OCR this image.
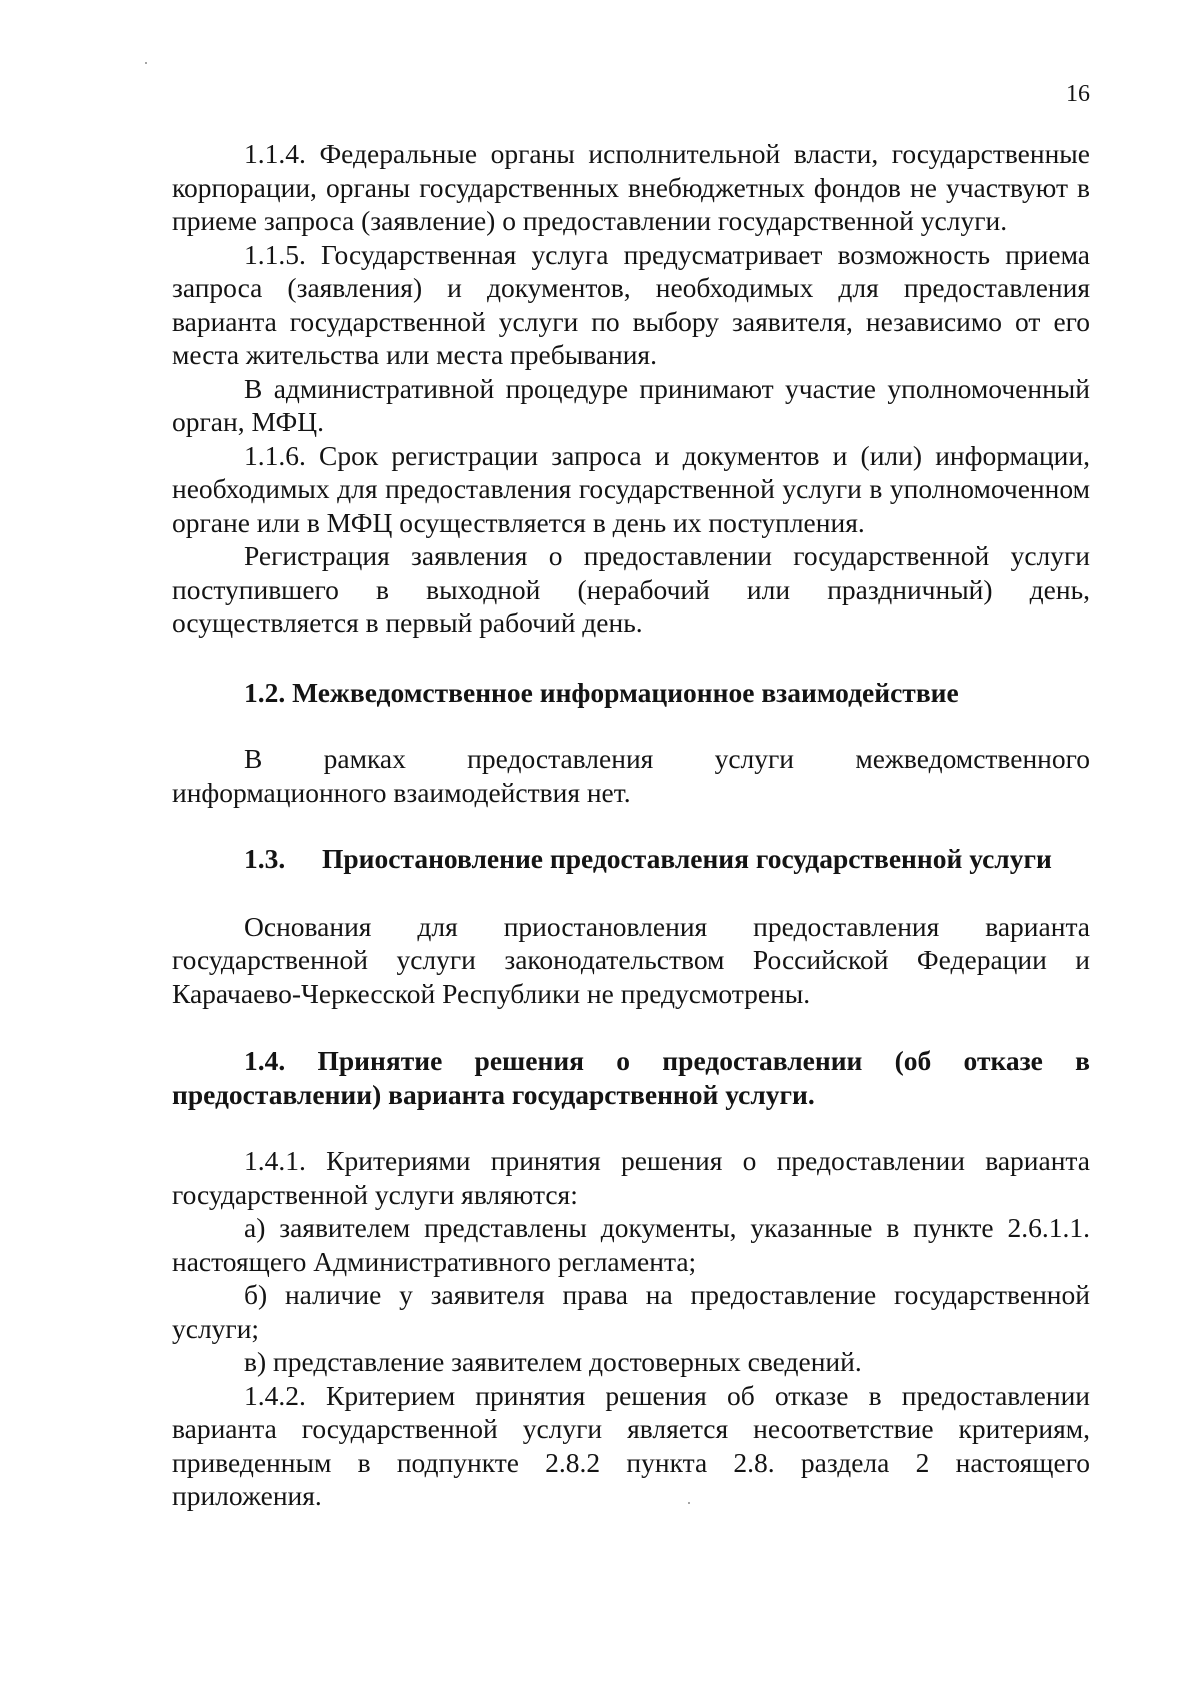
16

1.1.4. Федеральные органы исполнительной власти, государственные корпорации, органы государственных внебюджетных фондов не участвуют в приеме запроса (заявление) о предоставлении государственной услуги.

1.1.5. Государственная услуга предусматривает возможность приема запроса (заявления) и документов, необходимых для предоставления варианта государственной услуги по выбору заявителя, независимо от его места жительства или места пребывания.

В административной процедуре принимают участие уполномоченный орган, МФЦ.

1.1.6. Срок регистрации запроса и документов и (или) информации, необходимых для предоставления государственной услуги в уполномоченном органе или в МФЦ осуществляется в день их поступления.

Регистрация заявления о предоставлении государственной услуги поступившего в выходной (нерабочий или праздничный) день, осуществляется в первый рабочий день.

1.2. Межведомственное информационное взаимодействие

В рамках предоставления услуги межведомственного информационного взаимодействия нет.

1.3. Приостановление предоставления государственной услуги

Основания для приостановления предоставления варианта государственной услуги законодательством Российской Федерации и Карачаево-Черкесской Республики не предусмотрены.

1.4. Принятие решения о предоставлении (об отказе в предоставлении) варианта государственной услуги.

1.4.1. Критериями принятия решения о предоставлении варианта государственной услуги являются:

а) заявителем представлены документы, указанные в пункте 2.6.1.1. настоящего Административного регламента;

б) наличие у заявителя права на предоставление государственной услуги;

в) представление заявителем достоверных сведений.

1.4.2. Критерием принятия решения об отказе в предоставлении варианта государственной услуги является несоответствие критериям, приведенным в подпункте 2.8.2 пункта 2.8. раздела 2 настоящего приложения.
